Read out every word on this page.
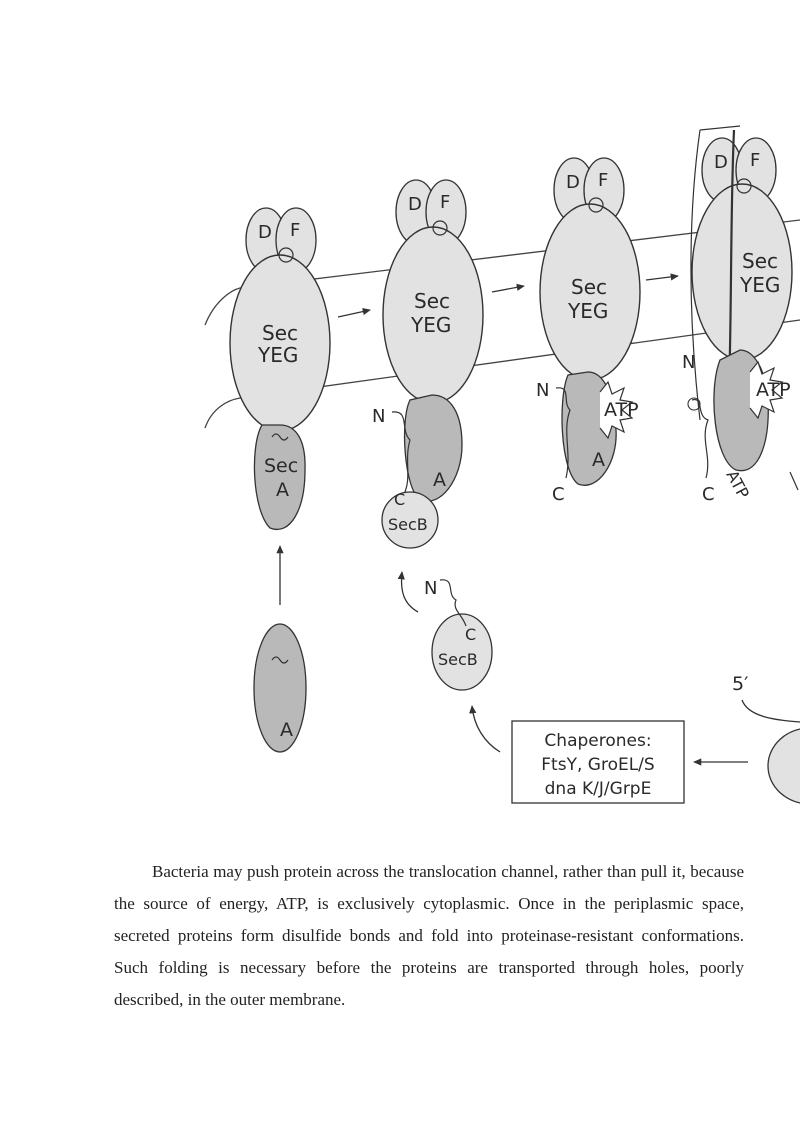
D F
Sec
YEG
Sec
A
A
D F
Sec
YEG
A
N
C
SecB
N
C
SecB
D F
Sec
YEG
ATP
A
N
C
D F
Sec
YEG
ATP
ATP
N
C
5′
Chaperones:
FtsY, GroEL/S
dna K/J/GrpE

Bacteria may push protein across the translocation channel, rather than pull it, because the source of energy, ATP, is exclusively cytoplasmic. Once in the periplasmic space, secreted proteins form disulfide bonds and fold into proteinase-resistant conformations. Such folding is necessary before the proteins are transported through holes, poorly described, in the outer membrane.
